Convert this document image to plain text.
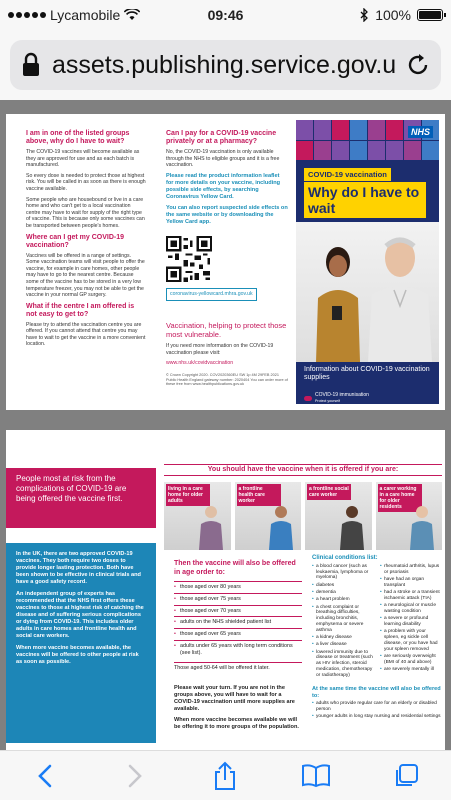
Lycamobile	09:46	100%
assets.publishing.service.gov.u
I am in one of the listed groups above, why do I have to wait?

The COVID-19 vaccines will become available as they are approved for use and as each batch is manufactured.

So every dose is needed to protect those at highest risk. You will be called in as soon as there is enough vaccine available.

Some people who are housebound or live in a care home and who can't get to a local vaccination centre may have to wait for supply of the right type of vaccine. This is because only some vaccines can be transported between people's homes.

Where can I get my COVID-19 vaccination?

Vaccines will be offered in a range of settings. Some vaccination teams will visit people to offer the vaccine, for example in care homes, other people may have to go to the nearest centre. Because some of the vaccine has to be stored in a very low temperature freezer, you may not be able to get the vaccine in your normal GP surgery.

What if the centre I am offered is not easy to get to?

Please try to attend the vaccination centre you are offered. If you cannot attend that centre you may have to wait to get the vaccine in a more convenient location.

Can I pay for a COVID-19 vaccine privately or at a pharmacy?

No, the COVID-19 vaccination is only available through the NHS to eligible groups and it is a free vaccination.

Please read the product information leaflet for more details on your vaccine, including possible side effects, by searching Coronavirus Yellow Card.

You can also report suspected side effects on the same website or by downloading the Yellow Card app.

coronavirus-yellowcard.mhra.gov.uk

Vaccination, helping to protect those most vulnerable.

If you need more information on the COVID-19 vaccination please visit:

www.nhs.uk/covidvaccination

© Crown Copyright 2020. COV2020360EU SW 1p 4M 29FEB 2021 Public Health England gateway number: 2020404 You can order more of these free from www.healthpublications.gov.uk

NHS
COVID-19 vaccination
Why do I have to wait
Information about COVID-19 vaccination supplies
COVID-19 immunisation
Protect yourself
People most at risk from the complications of COVID-19 are being offered the vaccine first.

In the UK, there are two approved COVID-19 vaccines. They both require two doses to provide longer lasting protection. Both have been shown to be effective in clinical trials and have a good safety record.

An independent group of experts has recommended that the NHS first offers these vaccines to those at highest risk of catching the disease and of suffering serious complications or dying from COVID-19. This includes older adults in care homes and frontline health and social care workers.

When more vaccine becomes available, the vaccines will be offered to other people at risk as soon as possible.

You should have the vaccine when it is offered if you are:
living in a care home for older adults
a frontline health care worker
a frontline social care worker
a carer working in a care home for older residents
Then the vaccine will also be offered in age order to:
• those aged over 80 years
• those aged over 75 years
• those aged over 70 years
• adults on the NHS shielded patient list
• those aged over 65 years
• adults under 65 years with long term conditions (see list).
Those aged 50-64 will be offered it later.

Please wait your turn. If you are not in the groups above, you will have to wait for a COVID-19 vaccination until more supplies are available.

When more vaccine becomes available we will be offering it to more groups of the population.

Clinical conditions list:
• a blood cancer (such as leukaemia, lymphoma or myeloma)
• diabetes
• dementia
• a heart problem
• a chest complaint or breathing difficulties, including bronchitis, emphysema or severe asthma
• a kidney disease
• a liver disease
• lowered immunity due to disease or treatment (such as HIV infection, steroid medication, chemotherapy or radiotherapy)
• rheumatoid arthritis, lupus or psoriasis
• have had an organ transplant
• had a stroke or a transient ischaemic attack (TIA)
• a neurological or muscle wasting condition
• a severe or profound learning disability
• a problem with your spleen, eg sickle cell disease, or you have had your spleen removed
• are seriously overweight (BMI of 40 and above)
• are severely mentally ill
At the same time the vaccine will also be offered to:
• adults who provide regular care for an elderly or disabled person
• younger adults in long stay nursing and residential settings
